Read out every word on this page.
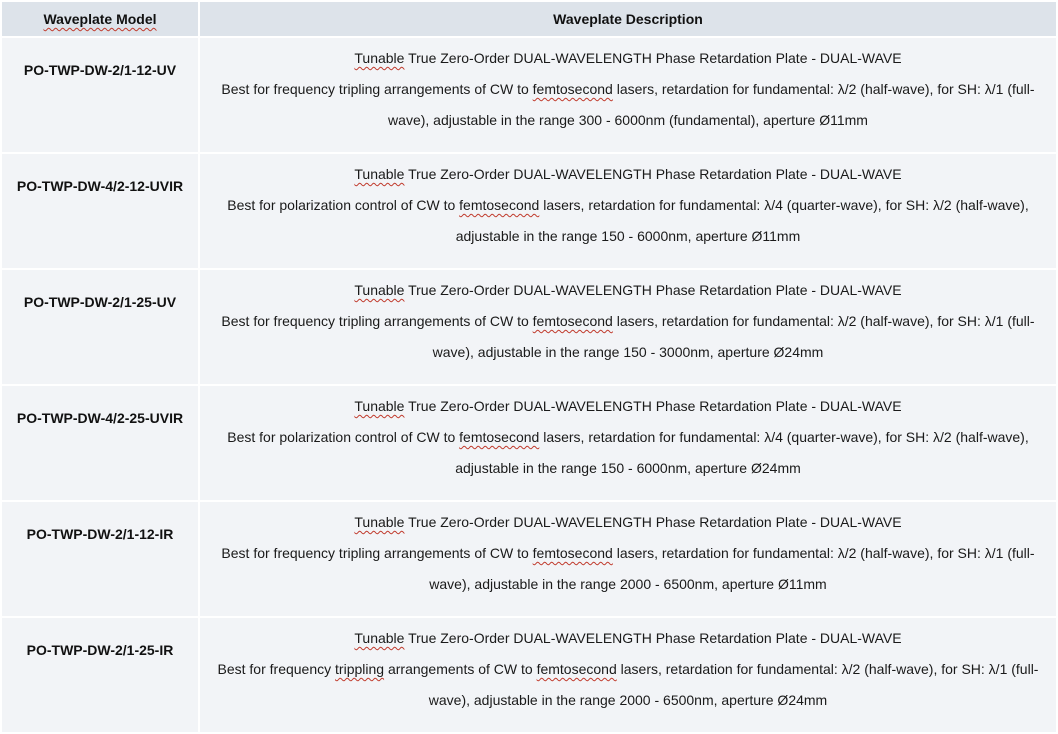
Waveplate Model	Waveplate Description
PO-TWP-DW-2/1-12-UV	Tunable True Zero-Order DUAL-WAVELENGTH Phase Retardation Plate - DUAL-WAVE
Best for frequency tripling arrangements of CW to femtosecond lasers, retardation for fundamental: λ/2 (half-wave), for SH: λ/1 (full-wave), adjustable in the range 300 - 6000nm (fundamental), aperture Ø11mm

PO-TWP-DW-4/2-12-UVIR	Tunable True Zero-Order DUAL-WAVELENGTH Phase Retardation Plate - DUAL-WAVE
Best for polarization control of CW to femtosecond lasers, retardation for fundamental: λ/4 (quarter-wave), for SH: λ/2 (half-wave), adjustable in the range 150 - 6000nm, aperture Ø11mm

PO-TWP-DW-2/1-25-UV	Tunable True Zero-Order DUAL-WAVELENGTH Phase Retardation Plate - DUAL-WAVE
Best for frequency tripling arrangements of CW to femtosecond lasers, retardation for fundamental: λ/2 (half-wave), for SH: λ/1 (full-wave), adjustable in the range 150 - 3000nm, aperture Ø24mm

PO-TWP-DW-4/2-25-UVIR	Tunable True Zero-Order DUAL-WAVELENGTH Phase Retardation Plate - DUAL-WAVE
Best for polarization control of CW to femtosecond lasers, retardation for fundamental: λ/4 (quarter-wave), for SH: λ/2 (half-wave), adjustable in the range 150 - 6000nm, aperture Ø24mm

PO-TWP-DW-2/1-12-IR	Tunable True Zero-Order DUAL-WAVELENGTH Phase Retardation Plate - DUAL-WAVE
Best for frequency tripling arrangements of CW to femtosecond lasers, retardation for fundamental: λ/2 (half-wave), for SH: λ/1 (full-wave), adjustable in the range 2000 - 6500nm, aperture Ø11mm

PO-TWP-DW-2/1-25-IR	Tunable True Zero-Order DUAL-WAVELENGTH Phase Retardation Plate - DUAL-WAVE
Best for frequency trippling arrangements of CW to femtosecond lasers, retardation for fundamental: λ/2 (half-wave), for SH: λ/1 (full-wave), adjustable in the range 2000 - 6500nm, aperture Ø24mm
